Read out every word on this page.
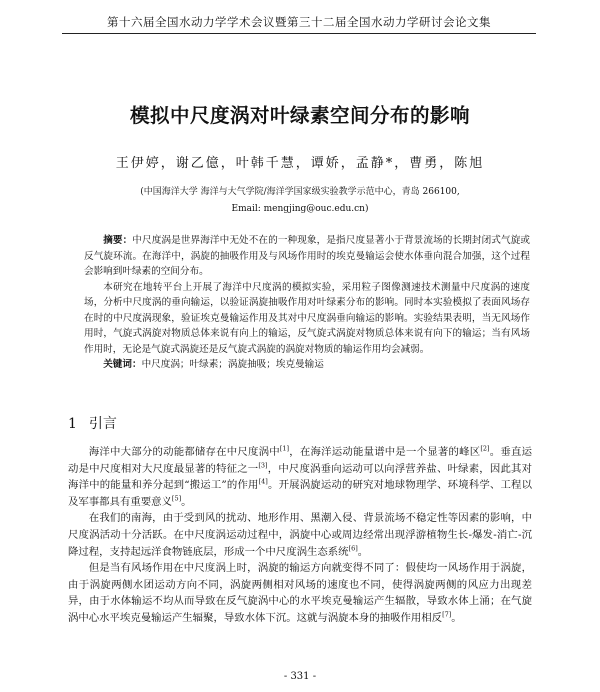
第十六届全国水动力学学术会议暨第三十二届全国水动力学研讨会论文集
模拟中尺度涡对叶绿素空间分布的影响
王伊婷，谢乙億，叶韩千慧，谭娇，孟静*，曹勇，陈旭
(中国海洋大学 海洋与大气学院/海洋学国家级实验教学示范中心，青岛 266100,
Email: mengjing@ouc.edu.cn)

摘要：中尺度涡是世界海洋中无处不在的一种现象，是指尺度显著小于背景流场的长期封闭式气旋或反气旋环流。在海洋中，涡旋的抽吸作用及与风场作用时的埃克曼输运会使水体垂向混合加强，这个过程会影响到叶绿素的空间分布。

本研究在地转平台上开展了海洋中尺度涡的模拟实验，采用粒子图像测速技术测量中尺度涡的速度场，分析中尺度涡的垂向输运，以验证涡旋抽吸作用对叶绿素分布的影响。同时本实验模拟了表面风场存在时的中尺度涡现象，验证埃克曼输运作用及其对中尺度涡垂向输运的影响。实验结果表明，当无风场作用时，气旋式涡旋对物质总体来说有向上的输运，反气旋式涡旋对物质总体来说有向下的输运；当有风场作用时，无论是气旋式涡旋还是反气旋式涡旋的涡旋对物质的输运作用均会减弱。

关键词：中尺度涡；叶绿素；涡旋抽吸；埃克曼输运

1 引言

海洋中大部分的动能都储存在中尺度涡中[1]，在海洋运动能量谱中是一个显著的峰区[2]。垂直运动是中尺度相对大尺度最显著的特征之一[3]，中尺度涡垂向运动可以向浮营养盐、叶绿素，因此其对海洋中的能量和养分起到“搬运工”的作用[4]。开展涡旋运动的研究对地球物理学、环境科学、工程以及军事都具有重要意义[5]。

在我们的南海，由于受到风的扰动、地形作用、黑潮入侵、背景流场不稳定性等因素的影响，中尺度涡活动十分活跃。在中尺度涡运动过程中，涡旋中心或周边经常出现浮游植物生长-爆发-消亡-沉降过程，支持起远洋食物链底层，形成一个中尺度涡生态系统[6]。

但是当有风场作用在中尺度涡上时，涡旋的输运方向就变得不同了：假使均一风场作用于涡旋，由于涡旋两侧水团运动方向不同，涡旋两侧相对风场的速度也不同，使得涡旋两侧的风应力出现差异，由于水体输运不均从而导致在反气旋涡中心的水平埃克曼输运产生辐散，导致水体上涌；在气旋涡中心水平埃克曼输运产生辐聚，导致水体下沉。这就与涡旋本身的抽吸作用相反[7]。

- 331 -
